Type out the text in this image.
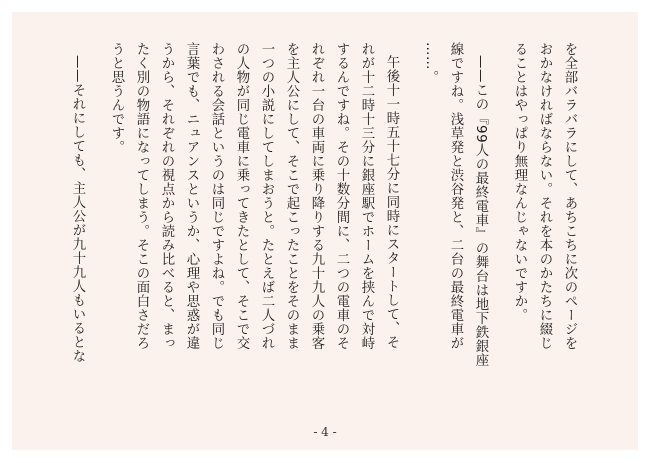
を全部バラバラにして、あちこちに次のページを
おかなければならない。それを本のかたちに綴じ
ることはやっぱり無理なんじゃないですか。
——この『99人の最終電車』の舞台は地下鉄銀座
線ですね。浅草発と渋谷発と、二台の最終電車が
……。
午後十一時五十七分に同時にスタートして、そ
れが十二時十三分に銀座駅でホームを挟んで対峙
するんですね。その十数分間に、二つの電車のそ
れぞれ一台の車両に乗り降りする九十九人の乗客
を主人公にして、そこで起こったことをそのまま
一つの小説にしてしまおうと。たとえば二人づれ
の人物が同じ電車に乗ってきたとして、そこで交
わされる会話というのは同じですよね。でも同じ
言葉でも、ニュアンスというか、心理や思惑が違
うから、それぞれの視点から読み比べると、まっ
たく別の物語になってしまう。そこの面白さだろ
うと思うんです。
——それにしても、主人公が九十九人もいるとな
- 4 -
